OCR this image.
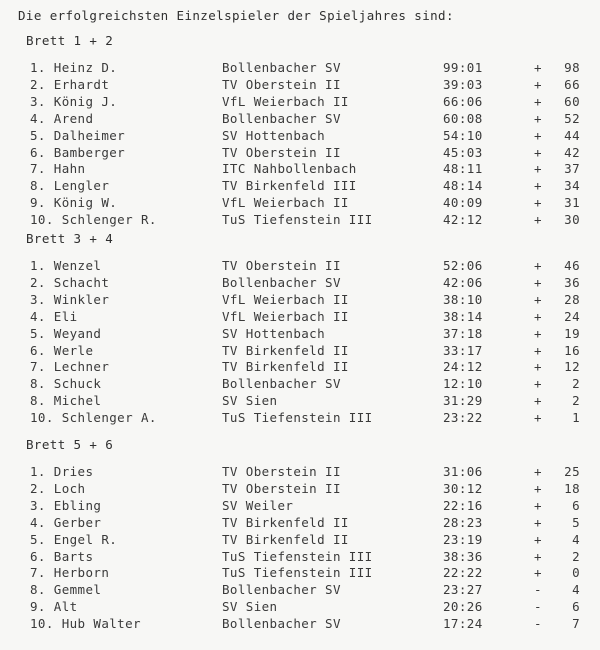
Die erfolgreichsten Einzelspieler der Spieljahres sind:
Brett 1 + 2
1. Heinz D.	Bollenbacher SV	99:01	+	98
2. Erhardt	TV Oberstein II	39:03	+	66
3. König J.	VfL Weierbach II	66:06	+	60
4. Arend	Bollenbacher SV	60:08	+	52
5. Dalheimer	SV Hottenbach	54:10	+	44
6. Bamberger	TV Oberstein II	45:03	+	42
7. Hahn	ITC Nahbollenbach	48:11	+	37
8. Lengler	TV Birkenfeld III	48:14	+	34
9. König W.	VfL Weierbach II	40:09	+	31
10. Schlenger R.	TuS Tiefenstein III	42:12	+	30
Brett 3 + 4
1. Wenzel	TV Oberstein II	52:06	+	46
2. Schacht	Bollenbacher SV	42:06	+	36
3. Winkler	VfL Weierbach II	38:10	+	28
4. Eli	VfL Weierbach II	38:14	+	24
5. Weyand	SV Hottenbach	37:18	+	19
6. Werle	TV Birkenfeld II	33:17	+	16
7. Lechner	TV Birkenfeld II	24:12	+	12
8. Schuck	Bollenbacher SV	12:10	+	2
8. Michel	SV Sien	31:29	+	2
10. Schlenger A.	TuS Tiefenstein III	23:22	+	1
Brett 5 + 6
1. Dries	TV Oberstein II	31:06	+	25
2. Loch	TV Oberstein II	30:12	+	18
3. Ebling	SV Weiler	22:16	+	6
4. Gerber	TV Birkenfeld II	28:23	+	5
5. Engel R.	TV Birkenfeld II	23:19	+	4
6. Barts	TuS Tiefenstein III	38:36	+	2
7. Herborn	TuS Tiefenstein III	22:22	+	0
8. Gemmel	Bollenbacher SV	23:27	-	4
9. Alt	SV Sien	20:26	-	6
10. Hub Walter	Bollenbacher SV	17:24	-	7
